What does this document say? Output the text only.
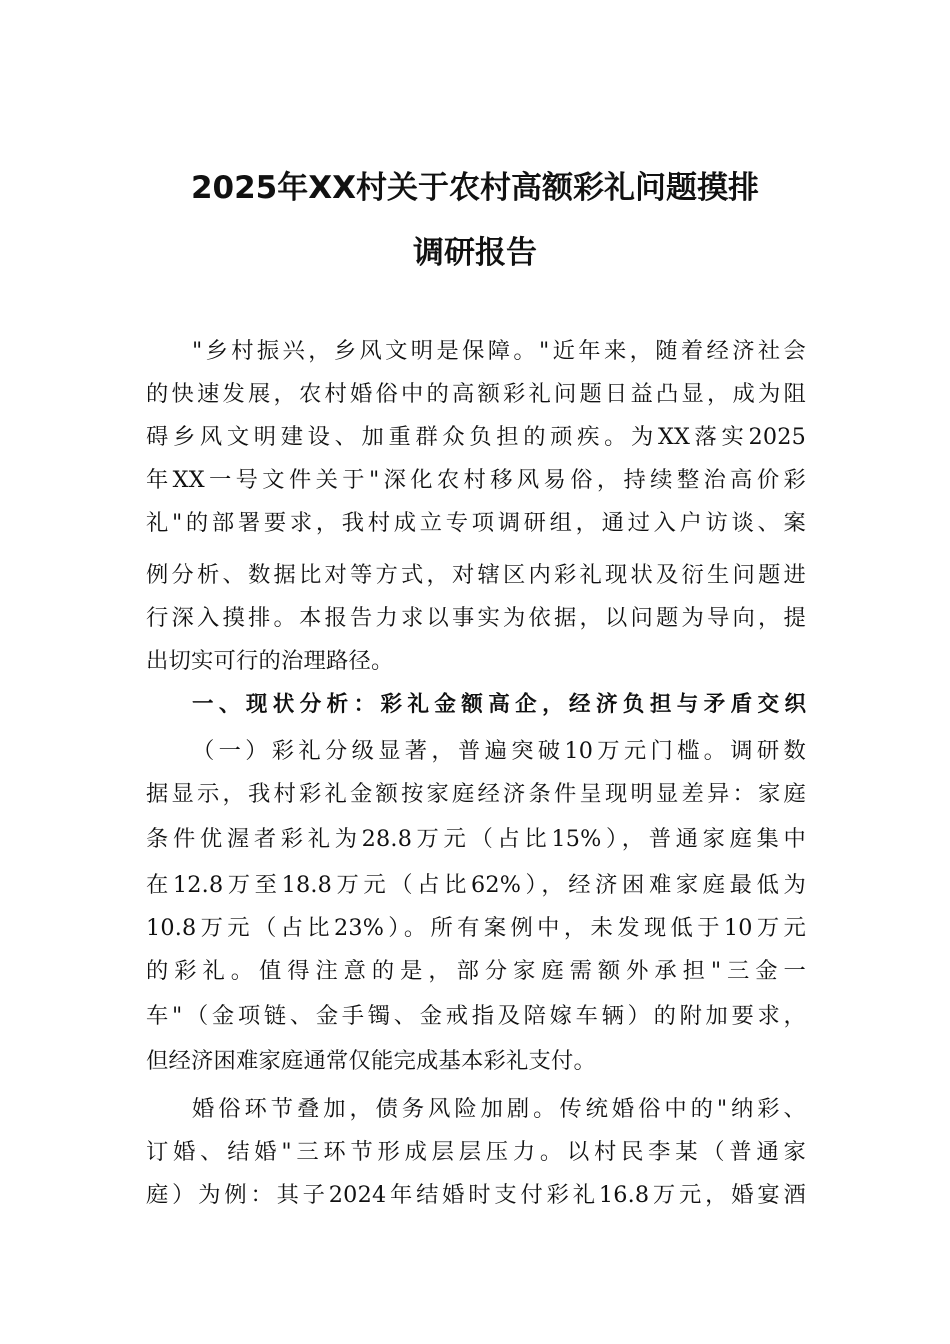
2025年XX村关于农村高额彩礼问题摸排
调研报告
"乡村振兴，乡风文明是保障。"近年来，随着经济社会
的快速发展，农村婚俗中的高额彩礼问题日益凸显，成为阻
碍乡风文明建设、加重群众负担的顽疾。为XX落实2025
年XX一号文件关于"深化农村移风易俗，持续整治高价彩
礼"的部署要求，我村成立专项调研组，通过入户访谈、案
例分析、数据比对等方式，对辖区内彩礼现状及衍生问题进
行深入摸排。本报告力求以事实为依据，以问题为导向，提
出切实可行的治理路径。
一、现状分析：彩礼金额高企，经济负担与矛盾交织
（一）彩礼分级显著，普遍突破10万元门槛。调研数
据显示，我村彩礼金额按家庭经济条件呈现明显差异：家庭
条件优渥者彩礼为28.8万元（占比15%），普通家庭集中
在12.8万至18.8万元（占比62%），经济困难家庭最低为
10.8万元（占比23%）。所有案例中，未发现低于10万元
的彩礼。值得注意的是，部分家庭需额外承担"三金一
车"（金项链、金手镯、金戒指及陪嫁车辆）的附加要求，
但经济困难家庭通常仅能完成基本彩礼支付。
婚俗环节叠加，债务风险加剧。传统婚俗中的"纳彩、
订婚、结婚"三环节形成层层压力。以村民李某（普通家
庭）为例：其子2024年结婚时支付彩礼16.8万元，婚宴酒
